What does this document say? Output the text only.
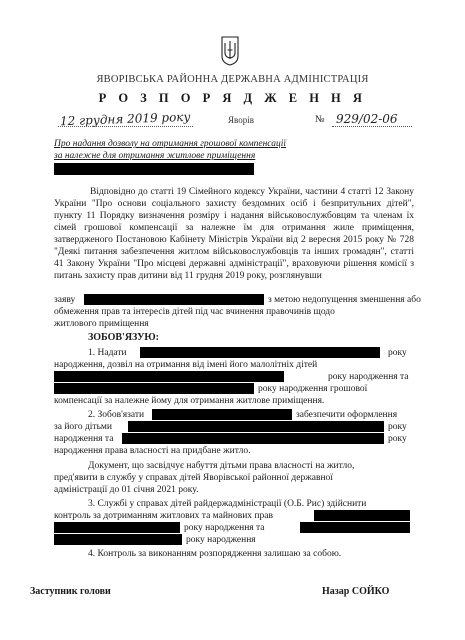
ЯВОРІВСЬКА РАЙОННА ДЕРЖАВНА АДМІНІСТРАЦІЯ
Р О З П О Р Я Д Ж Е Н Н Я
12 грудня 2019 року	Яворів	№ 929/02-06
Про надання дозволу на отримання грошової компенсації
за належне для отримання житлове приміщення
Відповідно до статті 19 Сімейного кодексу України, частини 4 статті 12 Закону України "Про основи соціального захисту бездомних осіб і безпритульних дітей", пункту 11 Порядку визначення розміру і надання військовослужбовцям та членам їх сімей грошової компенсації за належне їм для отримання жиле приміщення, затвердженого Постановою Кабінету Міністрів України від 2 вересня 2015 року № 728 "Деякі питання забезпечення житлом військовослужбовців та інших громадян", статті 41 Закону України "Про місцеві державні адміністрації", враховуючи рішення комісії з питань захисту прав дитини від 11 грудня 2019 року, розглянувши
заяву	з метою недопущення зменшення або
обмеження прав та інтересів дітей під час вчинення правочинів щодо
житлового приміщення
ЗОБОВ'ЯЗУЮ:
1. Надати	року
народження, дозвіл на отримання від імені його малолітніх дітей
року народження та
року народження грошової
компенсації за належне йому для отримання житлове приміщення.
2. Зобов'язати	забезпечити оформлення
за його дітьми	року
народження та	року
народження права власності на придбане житло.
Документ, що засвідчує набуття дітьми права власності на житло,
пред'явити в службу у справах дітей Яворівської районної державної
адміністрації до 01 січня 2021 року.
3. Службі у справах дітей райдержадміністрації (О.Б. Рис) здійснити
контроль за дотриманням житлових та майнових прав
року народження та
року народження
4. Контроль за виконанням розпорядження залишаю за собою.
Заступник голови	Назар СОЙКО
